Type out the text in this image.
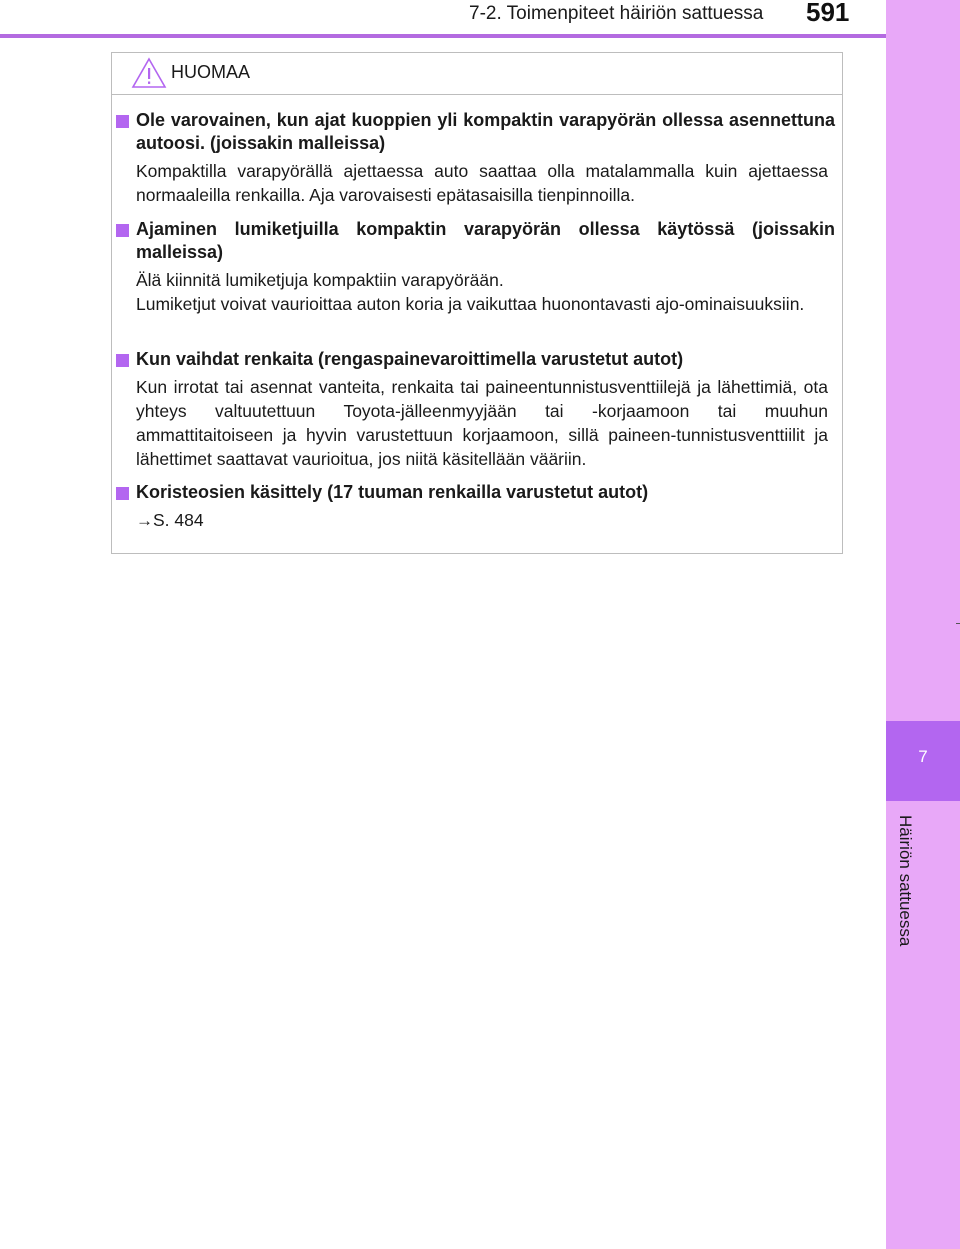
7-2. Toimenpiteet häiriön sattuessa	591
7
Häiriön sattuessa
HUOMAA
Ole varovainen, kun ajat kuoppien yli kompaktin varapyörän ollessa asennettuna autoosi. (joissakin malleissa)
Kompaktilla varapyörällä ajettaessa auto saattaa olla matalammalla kuin ajettaessa normaaleilla renkailla. Aja varovaisesti epätasaisilla tienpinnoilla.
Ajaminen lumiketjuilla kompaktin varapyörän ollessa käytössä (joissakin malleissa)

Älä kiinnitä lumiketjuja kompaktiin varapyörään.

Lumiketjut voivat vaurioittaa auton koria ja vaikuttaa huonontavasti ajo-ominaisuuksiin.

Kun vaihdat renkaita (rengaspainevaroittimella varustetut autot)
Kun irrotat tai asennat vanteita, renkaita tai paineentunnistusventtiilejä ja lähettimiä, ota yhteys valtuutettuun Toyota-jälleenmyyjään tai -korjaamoon tai muuhun ammattitaitoiseen ja hyvin varustettuun korjaamoon, sillä paineen-tunnistusventtiilit ja lähettimet saattavat vaurioitua, jos niitä käsitellään vääriin.
Koristeosien käsittely (17 tuuman renkailla varustetut autot)
→S. 484
